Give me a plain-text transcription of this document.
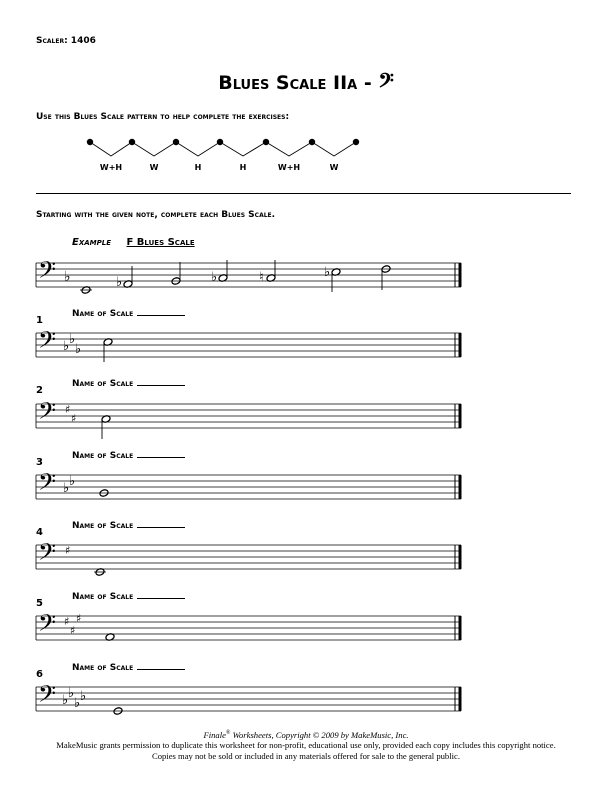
Scaler: 1406
Blues Scale IIa - 𝄢
Use this Blues Scale pattern to help complete the exercises:
W+H	W	H	H	W+H	W
Starting with the given note, complete each Blues Scale.
Example F Blues Scale
𝄢 ♭	♭	♭	♮	♭
1
Name of Scale
𝄢 ♭ ♭
♭
2
Name of Scale
𝄢 ♯
♯
3
Name of Scale
𝄢 ♭ ♭
4
Name of Scale
𝄢 ♯
5
Name of Scale
𝄢 ♯
♯
♯
6
Name of Scale
𝄢 ♭ ♭
♭ ♭
Finale® Worksheets, Copyright © 2009 by MakeMusic, Inc.
MakeMusic grants permission to duplicate this worksheet for non-profit, educational use only, provided each copy includes this copyright notice.
Copies may not be sold or included in any materials offered for sale to the general public.
